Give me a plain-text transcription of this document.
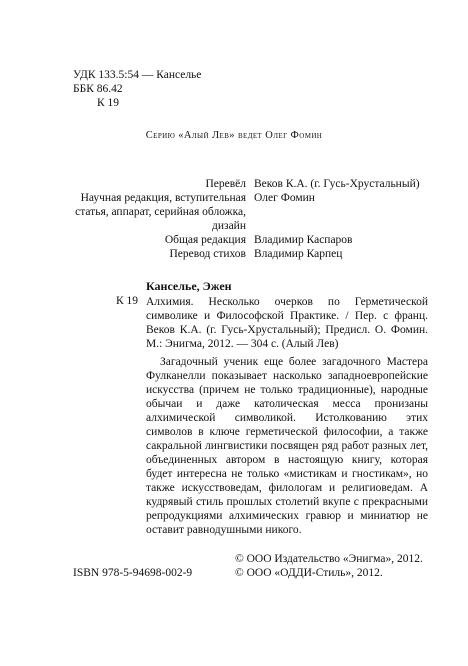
УДК 133.5:54 — Канселье
ББК 86.42
К 19
Серию «Алый Лев» ведет Олег Фомин
Перевёл Веков К.А. (г. Гусь-Хрустальный)
Научная редакция, вступительная статья, аппарат, серийная обложка, дизайн
Олег Фомин
Общая редакция Владимир Каспаров
Перевод стихов Владимир Карпец
Канселье, Эжен
К 19 Алхимия. Несколько очерков по Герметической символике и Философской Практике. / Пер. с франц. Веков К.А. (г. Гусь-Хрустальный); Предисл. О. Фомин. М.: Энигма, 2012. — 304 с. (Алый Лев)
Загадочный ученик еще более загадочного Мастера Фулканелли показывает насколько западноевропейские искусства (причем не только традиционные), народные обычаи и даже католическая месса пронизаны алхимической символикой. Истолкованию этих символов в ключе герметической философии, а также сакральной лингвистики посвящен ряд работ разных лет, объединенных автором в настоящую книгу, которая будет интересна не только «мистикам и гностикам», но также искусствоведам, филологам и религиоведам. А кудрявый стиль прошлых столетий вкупе с прекрасными репродукциями алхимических гравюр и миниатюр не оставит равнодушными никого.
© ООО Издательство «Энигма», 2012.
ISBN 978-5-94698-002-9	© ООО «ОДДИ-Стиль», 2012.
